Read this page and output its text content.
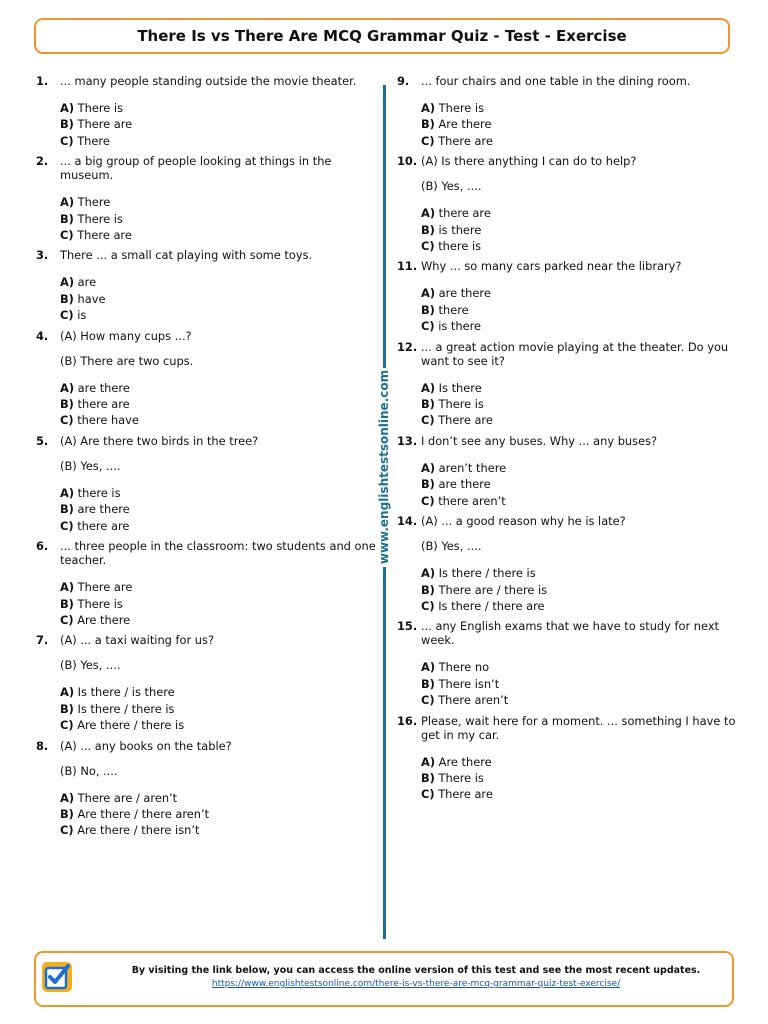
There Is vs There Are MCQ Grammar Quiz - Test - Exercise
1.	... many people standing outside the movie theater.
A) There is
B) There are
C) There
2.	... a big group of people looking at things in the museum.
A) There
B) There is
C) There are
3.	There ... a small cat playing with some toys.
A) are
B) have
C) is
4.	(A) How many cups ...?
(B) There are two cups.
A) are there
B) there are
C) there have
5.	(A) Are there two birds in the tree?
(B) Yes, ....
A) there is
B) are there
C) there are
6.	... three people in the classroom: two students and one teacher.
A) There are
B) There is
C) Are there
7.	(A) ... a taxi waiting for us?
(B) Yes, ....
A) Is there / is there
B) Is there / there is
C) Are there / there is
8.	(A) ... any books on the table?
(B) No, ....
A) There are / aren’t
B) Are there / there aren’t
C) Are there / there isn’t
9.	... four chairs and one table in the dining room.
A) There is
B) Are there
C) There are
10. (A) Is there anything I can do to help?
(B) Yes, ....
A) there are
B) is there
C) there is
11. Why ... so many cars parked near the library?
A) are there
B) there
C) is there
12. ... a great action movie playing at the theater. Do you want to see it?
A) Is there
B) There is
C) There are
13. I don’t see any buses. Why ... any buses?
A) aren’t there
B) are there
C) there aren’t
14. (A) ... a good reason why he is late?
(B) Yes, ....
A) Is there / there is
B) There are / there is
C) Is there / there are
15. ... any English exams that we have to study for next week.
A) There no
B) There isn’t
C) There aren’t
16. Please, wait here for a moment. ... something I have to get in my car.
A) Are there
B) There is
C) There are
www.englishtestsonline.com
By visiting the link below, you can access the online version of this test and see the most recent updates.
https://www.englishtestsonline.com/there-is-vs-there-are-mcq-grammar-quiz-test-exercise/
